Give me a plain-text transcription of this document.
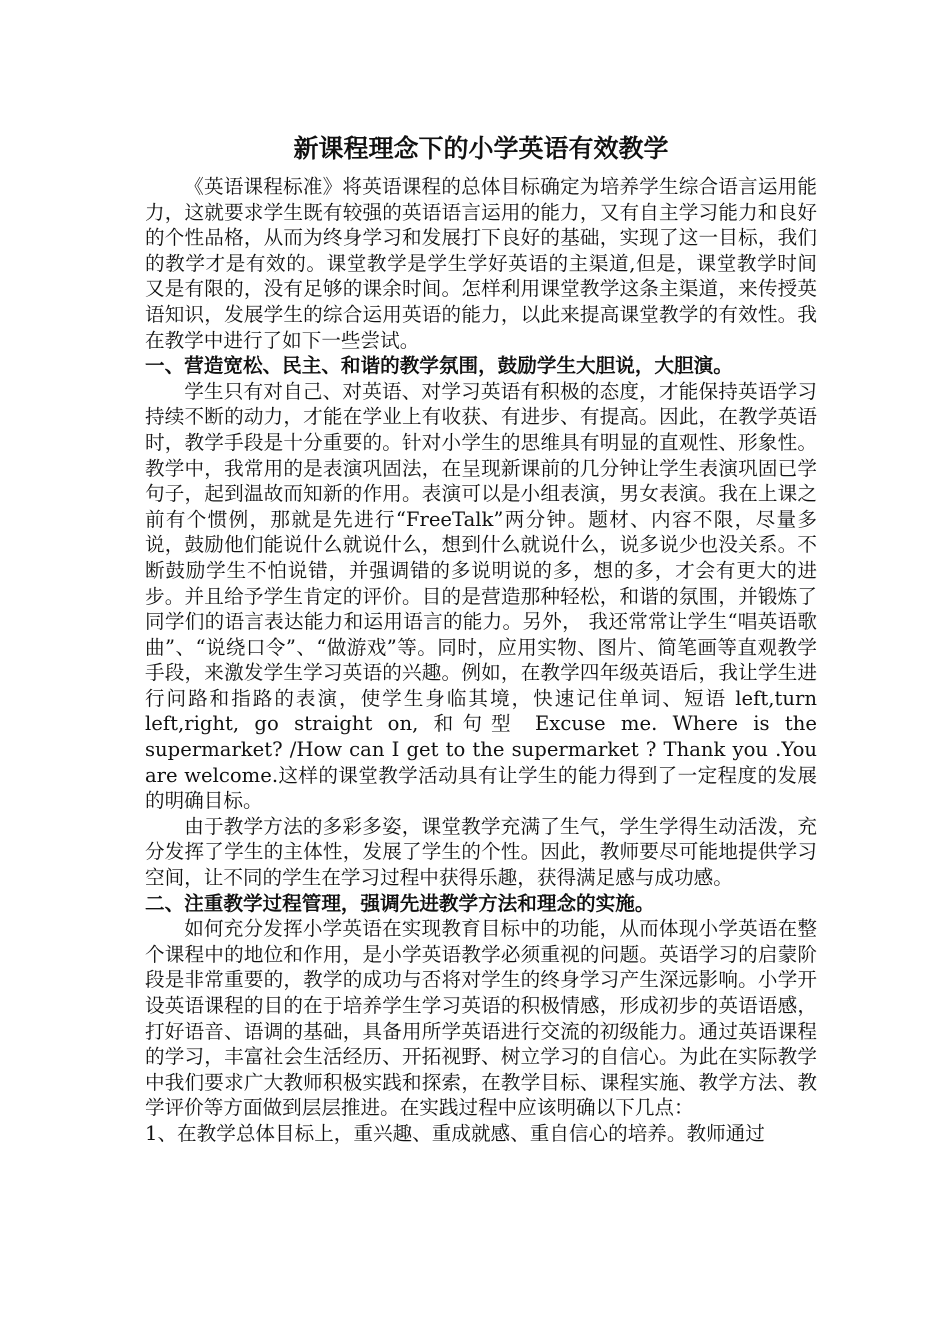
新课程理念下的小学英语有效教学

《英语课程标准》将英语课程的总体目标确定为培养学生综合语言运用能力，这就要求学生既有较强的英语语言运用的能力，又有自主学习能力和良好的个性品格，从而为终身学习和发展打下良好的基础，实现了这一目标，我们的教学才是有效的。课堂教学是学生学好英语的主渠道,但是，课堂教学时间又是有限的，没有足够的课余时间。怎样利用课堂教学这条主渠道，来传授英语知识，发展学生的综合运用英语的能力，以此来提高课堂教学的有效性。我在教学中进行了如下一些尝试。

一、营造宽松、民主、和谐的教学氛围，鼓励学生大胆说，大胆演。

学生只有对自己、对英语、对学习英语有积极的态度，才能保持英语学习持续不断的动力，才能在学业上有收获、有进步、有提高。因此，在教学英语时，教学手段是十分重要的。针对小学生的思维具有明显的直观性、形象性。教学中，我常用的是表演巩固法，在呈现新课前的几分钟让学生表演巩固已学句子，起到温故而知新的作用。表演可以是小组表演，男女表演。我在上课之前有个惯例，那就是先进行“FreeTalk”两分钟。题材、内容不限，尽量多说，鼓励他们能说什么就说什么，想到什么就说什么，说多说少也没关系。不断鼓励学生不怕说错，并强调错的多说明说的多，想的多，才会有更大的进步。并且给予学生肯定的评价。目的是营造那种轻松，和谐的氛围，并锻炼了同学们的语言表达能力和运用语言的能力。另外， 我还常常让学生“唱英语歌曲”、“说绕口令”、“做游戏”等。同时，应用实物、图片、简笔画等直观教学手段，来激发学生学习英语的兴趣。例如，在教学四年级英语后，我让学生进行问路和指路的表演，使学生身临其境，快速记住单词、短语 left,turn left,right, go straight on, 和句型 Excuse me. Where is the supermarket? /How can I get to the supermarket ? Thank you .You are welcome.这样的课堂教学活动具有让学生的能力得到了一定程度的发展的明确目标。

由于教学方法的多彩多姿，课堂教学充满了生气，学生学得生动活泼，充分发挥了学生的主体性，发展了学生的个性。因此，教师要尽可能地提供学习空间，让不同的学生在学习过程中获得乐趣，获得满足感与成功感。

二、注重教学过程管理，强调先进教学方法和理念的实施。

如何充分发挥小学英语在实现教育目标中的功能，从而体现小学英语在整个课程中的地位和作用，是小学英语教学必须重视的问题。英语学习的启蒙阶段是非常重要的，教学的成功与否将对学生的终身学习产生深远影响。小学开设英语课程的目的在于培养学生学习英语的积极情感，形成初步的英语语感，打好语音、语调的基础，具备用所学英语进行交流的初级能力。通过英语课程的学习，丰富社会生活经历、开拓视野、树立学习的自信心。为此在实际教学中我们要求广大教师积极实践和探索，在教学目标、课程实施、教学方法、教学评价等方面做到层层推进。在实践过程中应该明确以下几点：

1、在教学总体目标上，重兴趣、重成就感、重自信心的培养。教师通过
